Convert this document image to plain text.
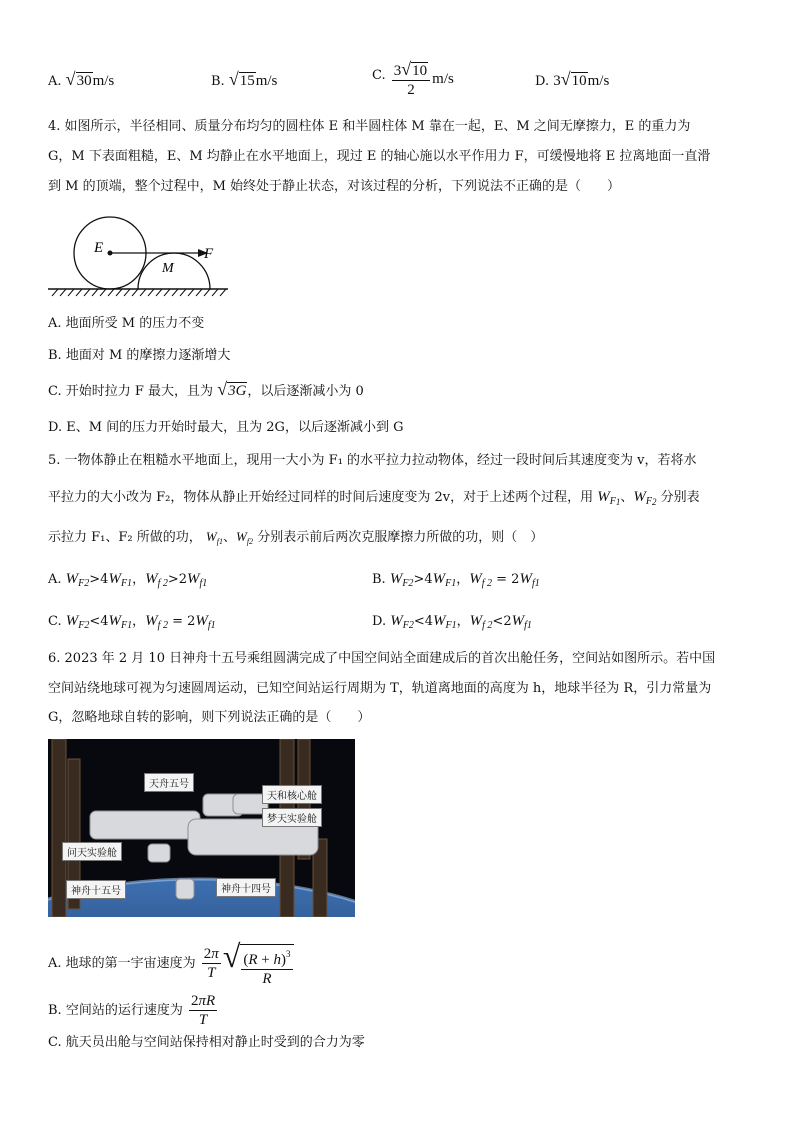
A. √ 30 m/s	B. √ 15 m/s	C. $\frac{3 √ 10}{2} m/s$	D. 3 √ 10 m/s
4. 如图所示，半径相同、质量分布均匀的圆柱体 E 和半圆柱体 M 靠在一起，E、M 之间无摩擦力，E 的重力为
G，M 下表面粗糙，E、M 均静止在水平地面上，现过 E 的轴心施以水平作用力 F，可缓慢地将 E 拉离地面一直滑
到 M 的顶端，整个过程中，M 始终处于静止状态，对该过程的分析，下列说法不正确的是（　　）
E
M
F
A. 地面所受 M 的压力不变
B. 地面对 M 的摩擦力逐渐增大
C. 开始时拉力 F 最大，且为 √ 3G ，以后逐渐减小为 0
D. E、M 间的压力开始时最大，且为 2G，以后逐渐减小到 G
5. 一物体静止在粗糙水平地面上，现用一大小为 F₁ 的水平拉力拉动物体，经过一段时间后其速度变为 v，若将水
平拉力的大小改为 F₂，物体从静止开始经过同样的时间后速度变为 2v，对于上述两个过程，用 $W_{F1}$、$W_{F2}$ 分别表
示拉力 F₁、F₂ 所做的功， $W_{f1}$、$W_{f2}$ 分别表示前后两次克服摩擦力所做的功，则（　）
A. $W_{F2}>4W_{F1}$，$W_{f 2}>2W_{f1}$	B. $W_{F2}>4W_{F1}$，$W_{f 2} = 2W_{f1}$
C. $W_{F2}<4W_{F1}$，$W_{f 2} = 2W_{f1}$	D. $W_{F2}<4W_{F1}$，$W_{f 2}<2W_{f1}$
6. 2023 年 2 月 10 日神舟十五号乘组圆满完成了中国空间站全面建成后的首次出舱任务，空间站如图所示。若中国
空间站绕地球可视为匀速圆周运动，已知空间站运行周期为 T，轨道离地面的高度为 h，地球半径为 R，引力常量为
G，忽略地球自转的影响，则下列说法正确的是（　　）
天舟五号
天和核心舱
梦天实验舱
问天实验舱
神舟十五号	神舟十四号
A. 地球的第一宇宙速度为 $\frac{2\pi}{T}$ √ $\frac{(R + h)^3}{R}$
B. 空间站的运行速度为 $\frac{2\pi R}{T}$
C. 航天员出舱与空间站保持相对静止时受到的合力为零
